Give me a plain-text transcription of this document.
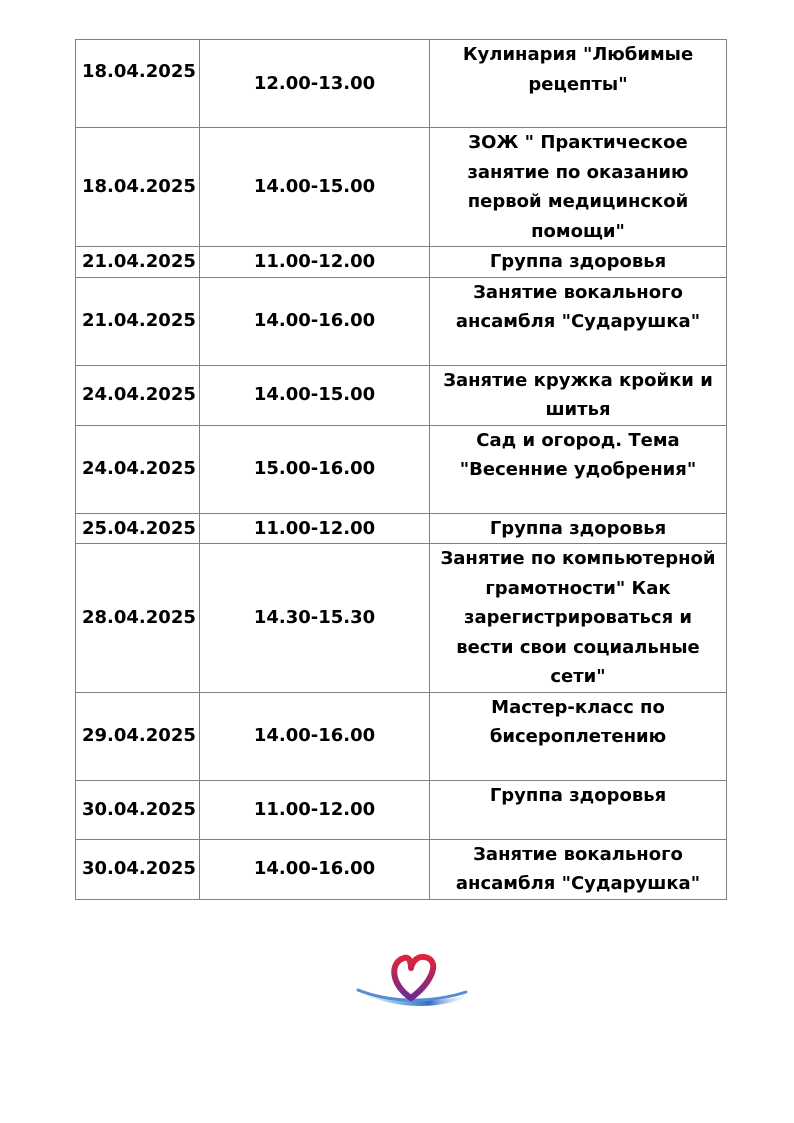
18.04.2025	12.00-13.00	Кулинария "Любимые рецепты"
18.04.2025	14.00-15.00	ЗОЖ " Практическое занятие по оказанию первой медицинской помощи"
21.04.2025	11.00-12.00	Группа здоровья
21.04.2025	14.00-16.00	Занятие вокального ансамбля "Сударушка"
24.04.2025	14.00-15.00	Занятие кружка кройки и шитья
24.04.2025	15.00-16.00	Сад и огород. Тема "Весенние удобрения"
25.04.2025	11.00-12.00	Группа здоровья
28.04.2025	14.30-15.30	Занятие по компьютерной грамотности" Как зарегистрироваться и вести свои социальные сети"
29.04.2025	14.00-16.00	Мастер-класс по бисероплетению
30.04.2025	11.00-12.00	Группа здоровья
30.04.2025	14.00-16.00	Занятие вокального ансамбля "Сударушка"
